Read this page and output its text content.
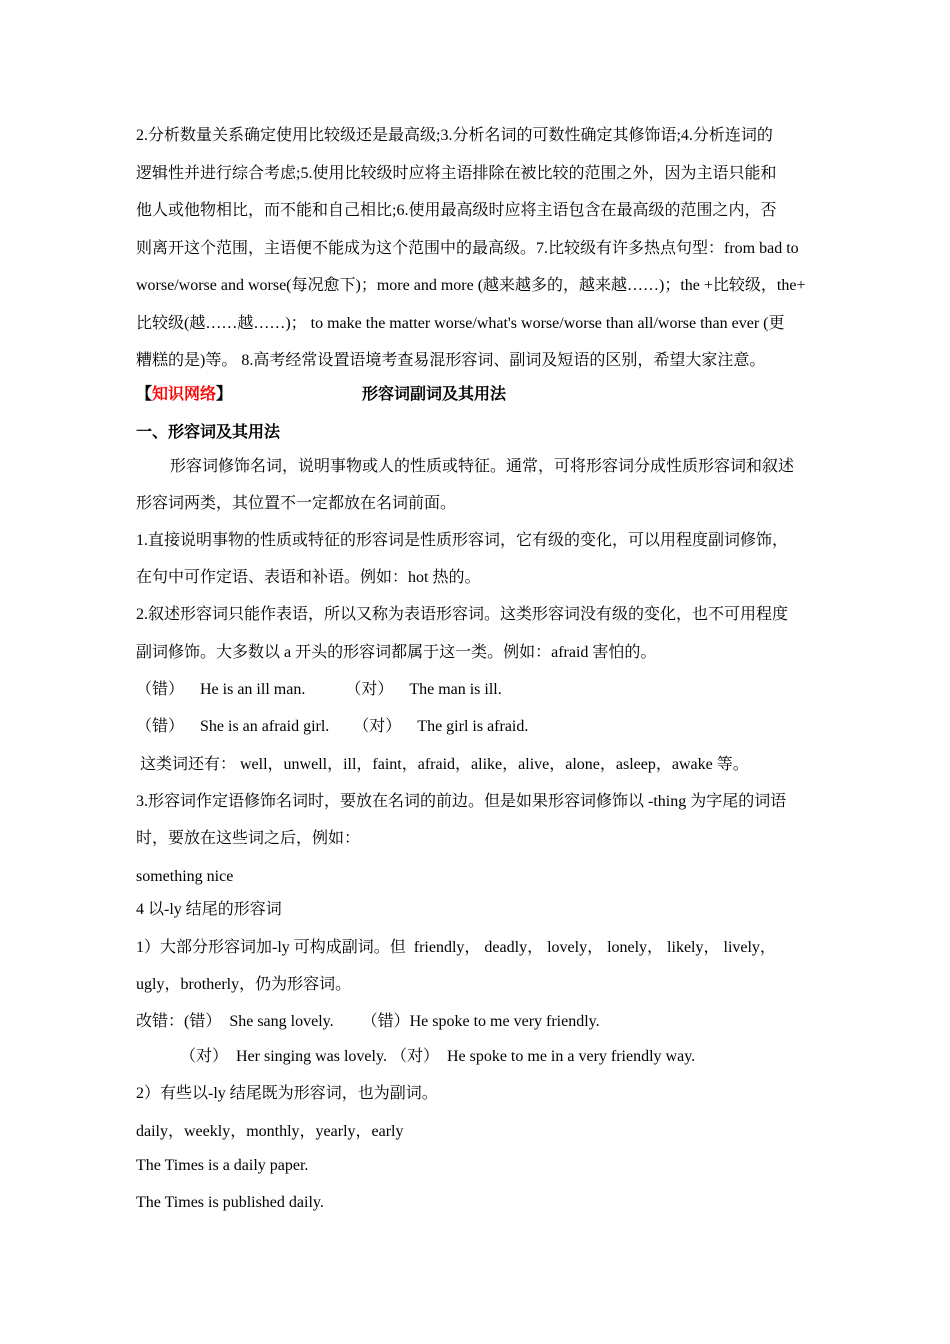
2.分析数量关系确定使用比较级还是最高级;3.分析名词的可数性确定其修饰语;4.分析连词的
逻辑性并进行综合考虑;5.使用比较级时应将主语排除在被比较的范围之外，因为主语只能和
他人或他物相比，而不能和自己相比;6.使用最高级时应将主语包含在最高级的范围之内，否
则离开这个范围，主语便不能成为这个范围中的最高级。7.比较级有许多热点句型：from bad to
worse/worse and worse(每况愈下)；more and more (越来越多的，越来越……)；the +比较级，the+
比较级(越……越……)； to make the matter worse/what's worse/worse than all/worse than ever (更
糟糕的是)等。 8.高考经常设置语境考查易混形容词、副词及短语的区别，希望大家注意。
【 知识网络 】	形容词副词及其用法
一、形容词及其用法
形容词修饰名词，说明事物或人的性质或特征。通常，可将形容词分成性质形容词和叙述
形容词两类，其位置不一定都放在名词前面。
1.直接说明事物的性质或特征的形容词是性质形容词，它有级的变化，可以用程度副词修饰，
在句中可作定语、表语和补语。例如：hot 热的。
2.叙述形容词只能作表语，所以又称为表语形容词。这类形容词没有级的变化，也不可用程度
副词修饰。大多数以 a 开头的形容词都属于这一类。例如：afraid 害怕的。
（错）    He is an ill man.          （对）    The man is ill.
（错）    She is an afraid girl.      （对）    The girl is afraid.
这类词还有： well，unwell，ill，faint，afraid，alike，alive，alone，asleep，awake 等。
3.形容词作定语修饰名词时，要放在名词的前边。但是如果形容词修饰以 -thing 为字尾的词语
时，要放在这些词之后，例如：
something nice
4 以-ly 结尾的形容词
1）大部分形容词加-ly 可构成副词。但  friendly， deadly， lovely， lonely， likely， lively，
ugly，brotherly，仍为形容词。
改错：(错）  She sang lovely.       （错）He spoke to me very friendly.
（对）  Her singing was lovely. （对）  He spoke to me in a very friendly way.
2）有些以-ly 结尾既为形容词，也为副词。
daily，weekly，monthly，yearly，early
The Times is a daily paper.
The Times is published daily.
